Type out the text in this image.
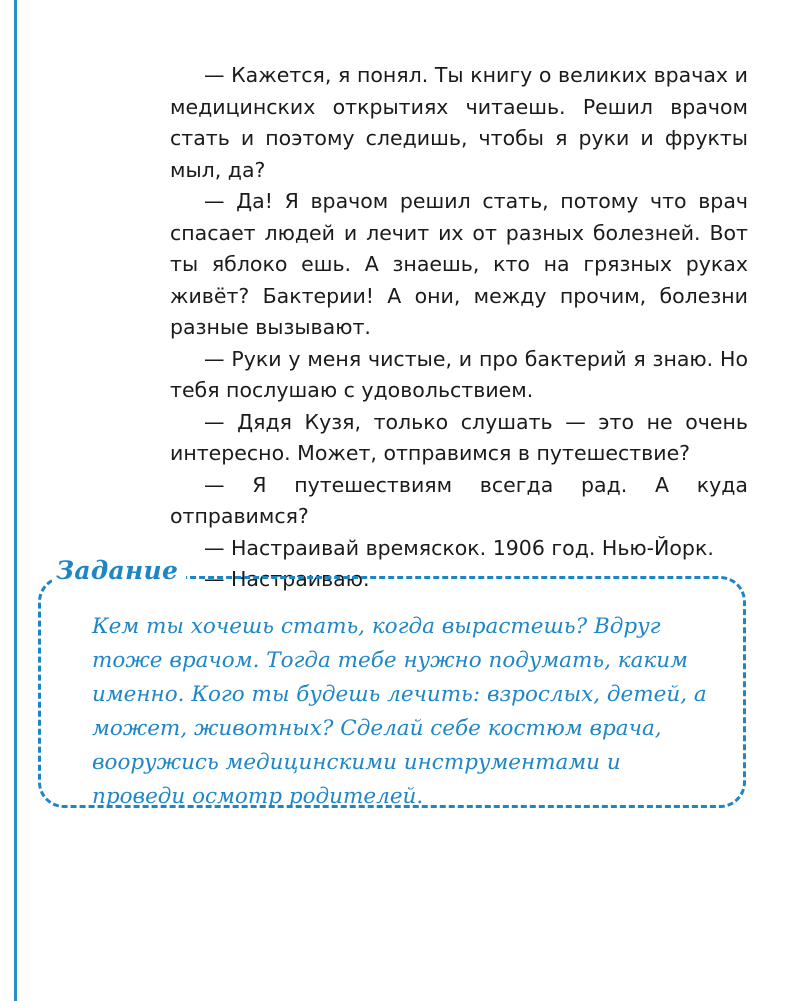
— Кажется, я понял. Ты книгу о великих врачах и медицинских открытиях читаешь. Решил врачом стать и поэтому следишь, чтобы я руки и фрукты мыл, да?

— Да! Я врачом решил стать, потому что врач спасает людей и лечит их от разных болезней. Вот ты яблоко ешь. А знаешь, кто на грязных руках живёт? Бактерии! А они, между прочим, болезни разные вызывают.

— Руки у меня чистые, и про бактерий я знаю. Но тебя послушаю с удовольствием.

— Дядя Кузя, только слушать — это не очень интересно. Может, отправимся в путешествие?

— Я путешествиям всегда рад. А куда отправимся?

— Настраивай времяскок. 1906 год. Нью-Йорк.

— Настраиваю.

Задание

Кем ты хочешь стать, когда вырастешь? Вдруг тоже врачом. Тогда тебе нужно подумать, каким именно. Кого ты будешь лечить: взрослых, детей, а может, животных? Сделай себе костюм врача, вооружись медицинскими инструментами и проведи осмотр родителей.
